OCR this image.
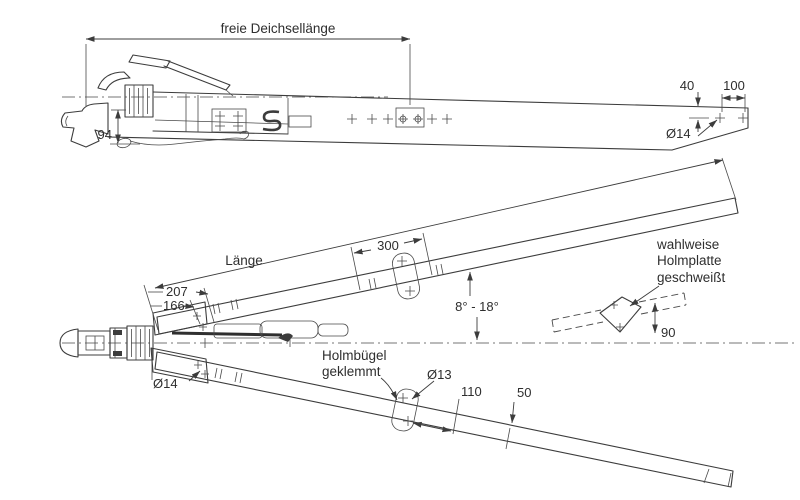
freie Deichsellänge
94
40 100
Ø14
Länge
300
207
166	8° - 18°
Ø14
Holmbügel
geklemmt	Ø13
110	50
90
wahlweise
Holmplatte
geschweißt
